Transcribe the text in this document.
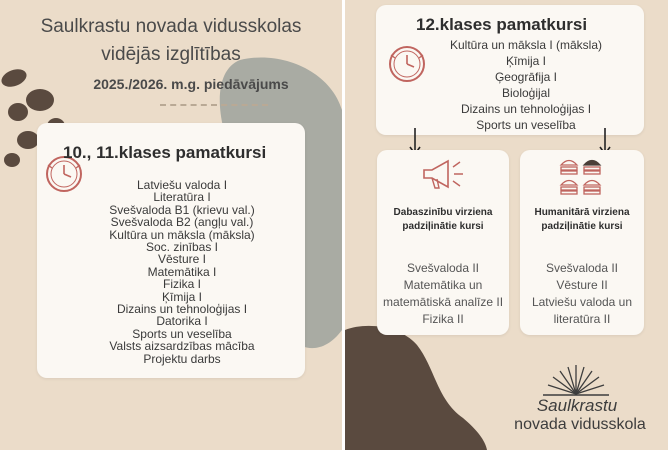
Saulkrastu novada vidusskolas
vidējās izglītības
2025./2026. m.g. piedāvājums
10., 11.klases pamatkursi
Latviešu valoda I
Literatūra I
Svešvaloda B1 (krievu val.)
Svešvaloda B2 (angļu val.)
Kultūra un māksla (māksla)
Soc. zinības I
Vēsture I
Matemātika I
Fizika I
Ķīmija I
Dizains un tehnoloģijas I
Datorika I
Sports un veselība
Valsts aizsardzības mācība
Projektu darbs
12.klases pamatkursi
Kultūra un māksla I (māksla)
Ķīmija I
Ģeogrāfija I
Bioloģijal
Dizains un tehnoloģijas I
Sports un veselība
Dabaszinību virziena
padziļinātie kursi
Svešvaloda II
Matemātika un
matemātiskā analīze II
Fizika II
Humanitārā virziena
padziļinātie kursi
Svešvaloda II
Vēsture II
Latviešu valoda un
literatūra II
Saulkrastu
novada vidusskola
